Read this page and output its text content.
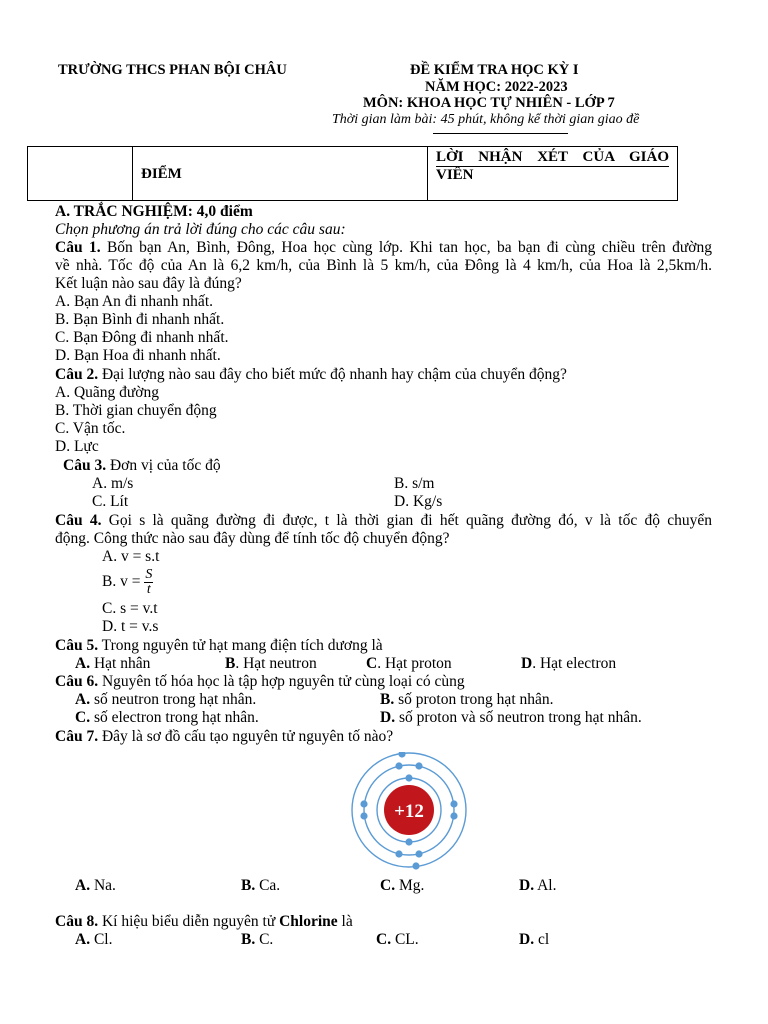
TRƯỜNG THCS PHAN BỘI CHÂU	ĐỀ KIỂM TRA HỌC KỲ I
NĂM HỌC: 2022-2023
MÔN: KHOA HỌC TỰ NHIÊN - LỚP 7
Thời gian làm bài: 45 phút, không kể thời gian giao đề
	ĐIỂM	
LỜI NHẬN XÉT CỦA GIÁO
VIÊN
A. TRẮC NGHIỆM: 4,0 điểm
Chọn phương án trả lời đúng cho các câu sau:
Câu 1. Bốn bạn An, Bình, Đông, Hoa học cùng lớp. Khi tan học, ba bạn đi cùng chiều trên đường
về nhà. Tốc độ của An là 6,2 km/h, của Bình là 5 km/h, của Đông là 4 km/h, của Hoa là 2,5km/h.
Kết luận nào sau đây là đúng?
A. Bạn An đi nhanh nhất.
B. Bạn Bình đi nhanh nhất.
C. Bạn Đông đi nhanh nhất.
D. Bạn Hoa đi nhanh nhất.
Câu 2. Đại lượng nào sau đây cho biết mức độ nhanh hay chậm của chuyển động?
A. Quãng đường
B. Thời gian chuyển động
C. Vận tốc.
D. Lực
Câu 3. Đơn vị của tốc độ
A. m/s	B. s/m
C. Lít	D. Kg/s
Câu 4. Gọi s là quãng đường đi được, t là thời gian đi hết quãng đường đó, v là tốc độ chuyển
động. Công thức nào sau đây dùng để tính tốc độ chuyển động?
A. v = s.t
B. $v = \frac{S}{t}$
C. s = v.t
D. t = v.s
Câu 5. Trong nguyên tử hạt mang điện tích dương là
A. Hạt nhân	B. Hạt neutron	C. Hạt proton	D. Hạt electron
Câu 6. Nguyên tố hóa học là tập hợp nguyên tử cùng loại có cùng
A. số neutron trong hạt nhân.	B. số proton trong hạt nhân.
C. số electron trong hạt nhân.	D. số proton và số neutron trong hạt nhân.
Câu 7. Đây là sơ đồ cấu tạo nguyên tử nguyên tố nào?
+12
A. Na.	B. Ca.	C. Mg.	D. Al.
Câu 8. Kí hiệu biểu diễn nguyên tử Chlorine là
A. Cl.	B. C.	C. CL.	D. cl
